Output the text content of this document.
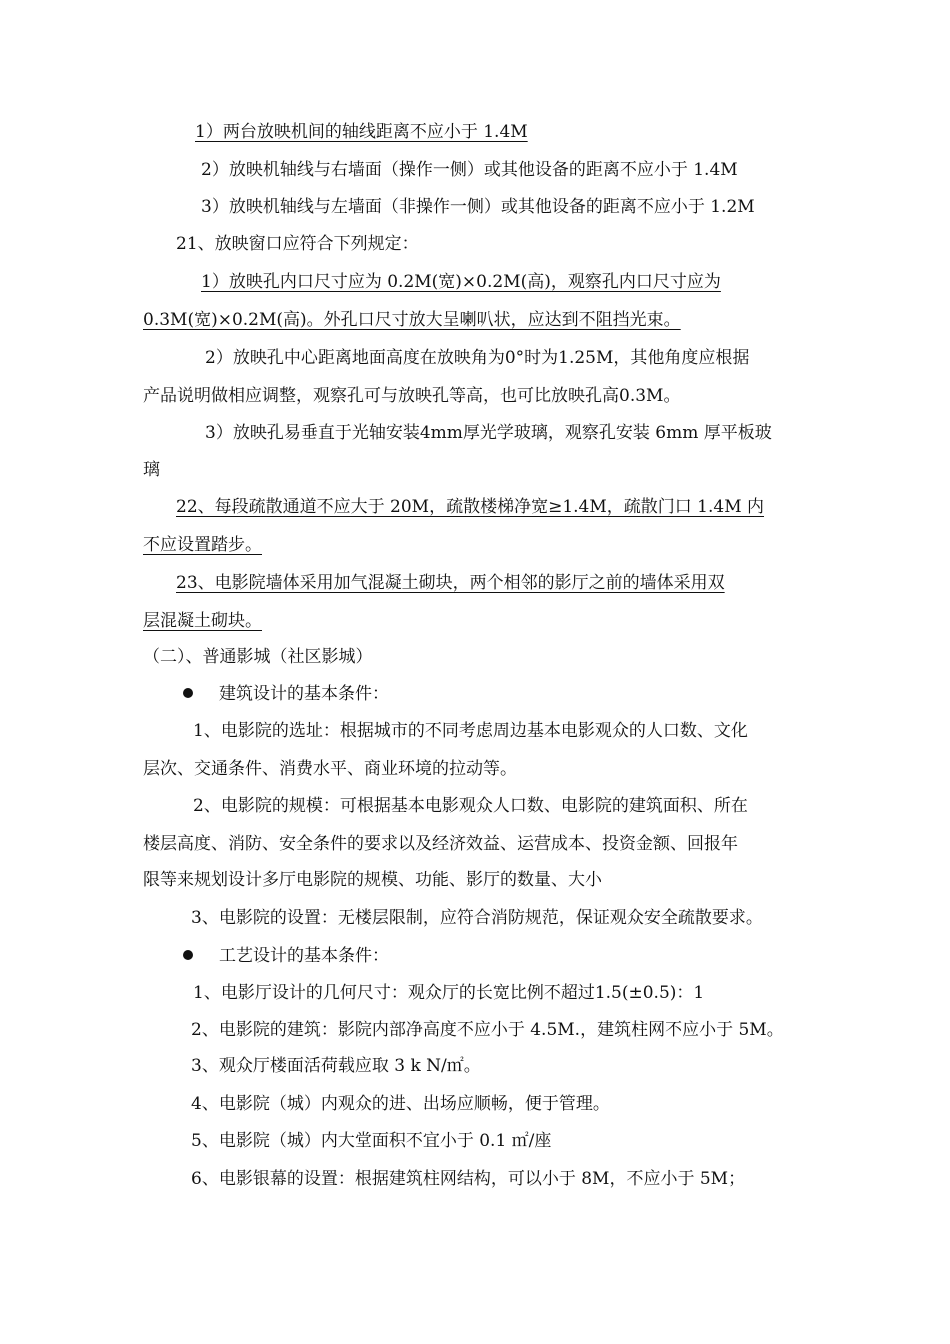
1）两台放映机间的轴线距离不应小于 1.4M
2）放映机轴线与右墙面（操作一侧）或其他设备的距离不应小于 1.4M
3）放映机轴线与左墙面（非操作一侧）或其他设备的距离不应小于 1.2M
21、放映窗口应符合下列规定：
1）放映孔内口尺寸应为 0.2M(宽)×0.2M(高)，观察孔内口尺寸应为
0.3M(宽)×0.2M(高)。外孔口尺寸放大呈喇叭状，应达到不阻挡光束。
2）放映孔中心距离地面高度在放映角为0°时为1.25M，其他角度应根据
产品说明做相应调整，观察孔可与放映孔等高，也可比放映孔高0.3M。
3）放映孔易垂直于光轴安装4mm厚光学玻璃，观察孔安装 6mm 厚平板玻
璃
22、每段疏散通道不应大于 20M，疏散楼梯净宽≥1.4M，疏散门口 1.4M 内
不应设置踏步。
23、电影院墙体采用加气混凝土砌块，两个相邻的影厅之前的墙体采用双
层混凝土砌块。
（二）、普通影城（社区影城）
建筑设计的基本条件：
1、电影院的选址：根据城市的不同考虑周边基本电影观众的人口数、文化
层次、交通条件、消费水平、商业环境的拉动等。
2、电影院的规模：可根据基本电影观众人口数、电影院的建筑面积、所在
楼层高度、消防、安全条件的要求以及经济效益、运营成本、投资金额、回报年
限等来规划设计多厅电影院的规模、功能、影厅的数量、大小
3、电影院的设置：无楼层限制，应符合消防规范，保证观众安全疏散要求。
工艺设计的基本条件：
1、电影厅设计的几何尺寸：观众厅的长宽比例不超过1.5(±0.5)：1
2、电影院的建筑：影院内部净高度不应小于 4.5M.，建筑柱网不应小于 5M。
3、观众厅楼面活荷载应取 3 k N/㎡。
4、电影院（城）内观众的进、出场应顺畅，便于管理。
5、电影院（城）内大堂面积不宜小于 0.1 ㎡/座
6、电影银幕的设置：根据建筑柱网结构，可以小于 8M，不应小于 5M；
